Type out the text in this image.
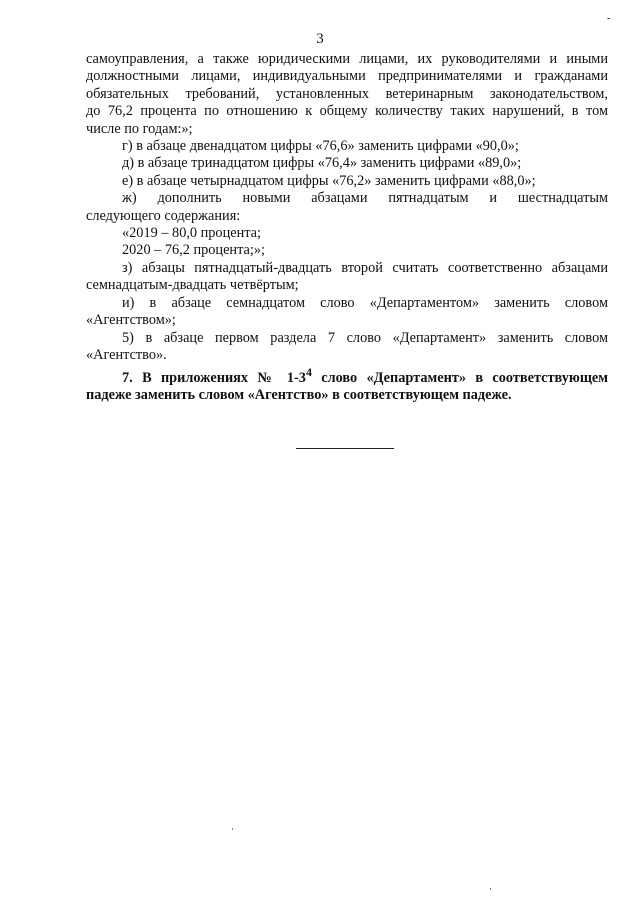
-
3
самоуправления, а также юридическими лицами, их руководителями и иными
должностными лицами, индивидуальными предпринимателями и гражданами
обязательных требований, установленных ветеринарным законодательством,
до 76,2 процента по отношению к общему количеству таких нарушений, в том
числе по годам:»;
г) в абзаце двенадцатом цифры «76,6» заменить цифрами «90,0»;
д) в абзаце тринадцатом цифры «76,4» заменить цифрами «89,0»;
е) в абзаце четырнадцатом цифры «76,2» заменить цифрами «88,0»;
ж) дополнить новыми абзацами пятнадцатым и шестнадцатым
следующего содержания:
«2019 – 80,0 процента;
2020 – 76,2 процента;»;
з) абзацы пятнадцатый-двадцать второй считать соответственно абзацами
семнадцатым-двадцать четвёртым;
и) в абзаце семнадцатом слово «Департаментом» заменить словом
«Агентством»;
5) в абзаце первом раздела 7 слово «Департамент» заменить словом
«Агентство».
7. В приложениях № $1-3^4$ слово «Департамент» в соответствующем
падеже заменить словом «Агентство» в соответствующем падеже.
